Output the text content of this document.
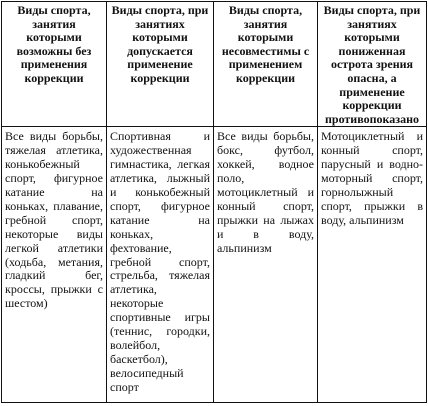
Виды спорта, занятия которыми возможны без применения коррекции	Виды спорта, при занятиях которыми допускается применение коррекции	Виды спорта, занятия которыми несовместимы с применением коррекции	Виды спорта, при занятиях которыми пониженная острота зрения опасна, а применение коррекции противопоказано

Все виды борьбы, тяжелая атлетика, конькобежный спорт, фигурное катание на коньках, плавание, гребной спорт, некоторые виды легкой атлетики (ходьба, метания, гладкий бег, кроссы, прыжки с шестом)	Спортивная и художественная гимнастика, легкая атлетика, лыжный и конькобежный спорт, фигурное катание на коньках, фехтование, гребной спорт, стрельба, тяжелая атлетика, некоторые спортивные игры (теннис, городки, волейбол, баскетбол), велосипедный спорт	Все виды борьбы, бокс, футбол, хоккей, водное поло, мотоциклетный и конный спорт, прыжки на лыжах и в воду, альпинизм	Мотоциклетный и конный спорт, парусный и водно-моторный спорт, горнолыжный спорт, прыжки в воду, альпинизм
